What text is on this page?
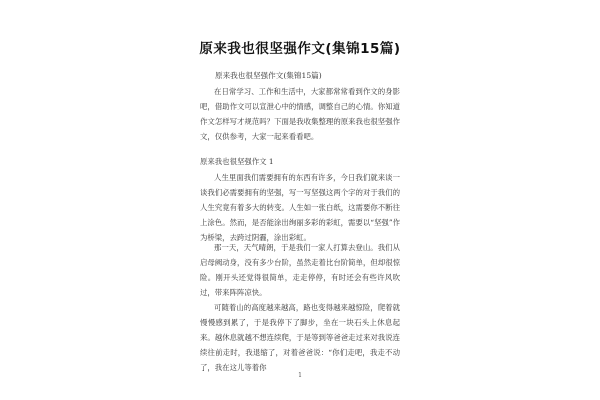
原来我也很坚强作文(集锦15篇)
原来我也很坚强作文(集锦15篇)

在日常学习、工作和生活中，大家都常常看到作文的身影吧，借助作文可以宣泄心中的情感，调整自己的心情。你知道作文怎样写才规范吗？下面是我收集整理的原来我也很坚强作文，仅供参考，大家一起来看看吧。

原来我也很坚强作文 1

人生里面我们需要拥有的东西有许多，今日我们就来谈一谈我们必需要拥有的坚强，写一写坚强这两个字的对于我们的人生究竟有着多大的转变。人生如一张白纸，这需要你不断往上涂色。然而，是否能涂出绚丽多彩的彩虹，需要以“坚强”作为桥梁，去跨过阴霾，涂出彩虹。

那一天，天气晴朗，于是我们一家人打算去登山。我们从启母阙动身，没有多少台阶，虽然走着比台阶简单，但却很惊险。刚开头还觉得很简单，走走停停，有时还会有些许风吹过，带来阵阵凉快。

可随着山的高度越来越高，路也变得越来越惊险，爬着就慢慢感到累了，于是我停下了脚步，坐在一块石头上休息起来。越休息就越不想连续爬，于是等到等爸爸走过来对我说连续往前走时，我退缩了，对着爸爸说：“你们走吧，我走不动了，我在这儿等着你

1
